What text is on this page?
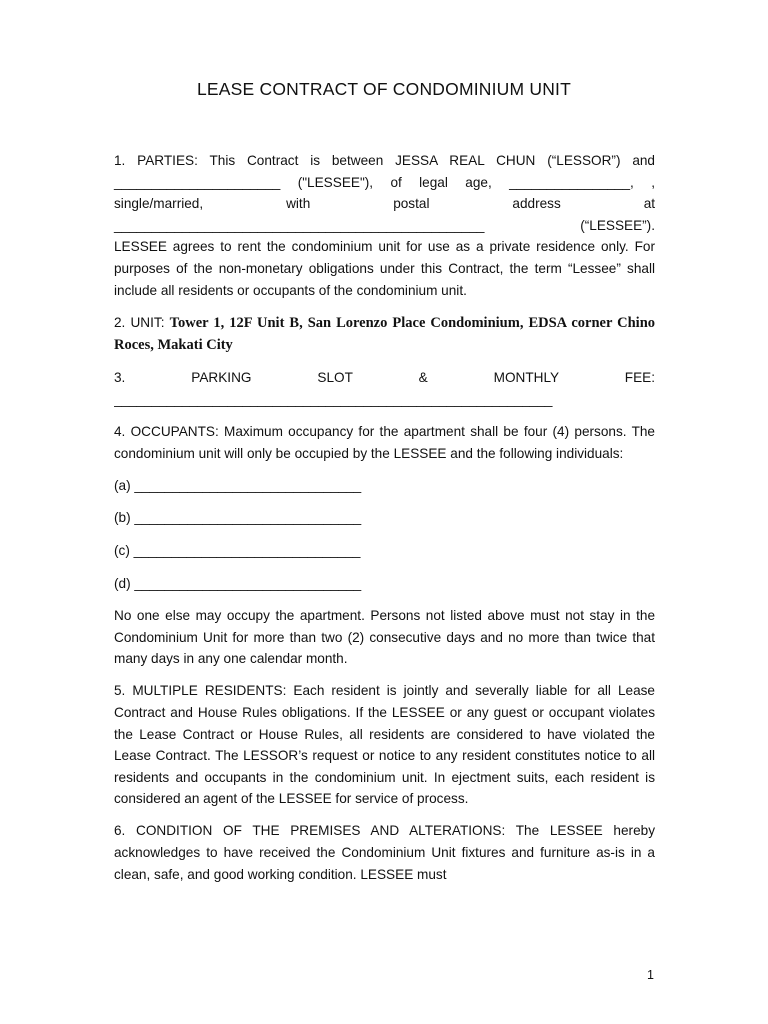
LEASE CONTRACT OF CONDOMINIUM UNIT
1. PARTIES: This Contract is between JESSA REAL CHUN (“LESSOR”) and
______________________ ("LESSEE"), of legal age, ________________, ,
single/married,	with	postal	address	at
_________________________________________________ (“LESSEE”).

LESSEE agrees to rent the condominium unit for use as a private residence only. For purposes of the non-monetary obligations under this Contract, the term “Lessee” shall include all residents or occupants of the condominium unit.

2. UNIT: Tower 1, 12F Unit B, San Lorenzo Place Condominium, EDSA corner Chino Roces, Makati City

3.	PARKING	SLOT	&	MONTHLY	FEE:
__________________________________________________________

4. OCCUPANTS: Maximum occupancy for the apartment shall be four (4) persons. The condominium unit will only be occupied by the LESSEE and the following individuals:

(a) ______________________________
(b) ______________________________
(c) ______________________________
(d) ______________________________

No one else may occupy the apartment. Persons not listed above must not stay in the Condominium Unit for more than two (2) consecutive days and no more than twice that many days in any one calendar month.

5. MULTIPLE RESIDENTS: Each resident is jointly and severally liable for all Lease Contract and House Rules obligations. If the LESSEE or any guest or occupant violates the Lease Contract or House Rules, all residents are considered to have violated the Lease Contract. The LESSOR’s request or notice to any resident constitutes notice to all residents and occupants in the condominium unit. In ejectment suits, each resident is considered an agent of the LESSEE for service of process.

6. CONDITION OF THE PREMISES AND ALTERATIONS: The LESSEE hereby acknowledges to have received the Condominium Unit fixtures and furniture as-is in a clean, safe, and good working condition. LESSEE must

1
